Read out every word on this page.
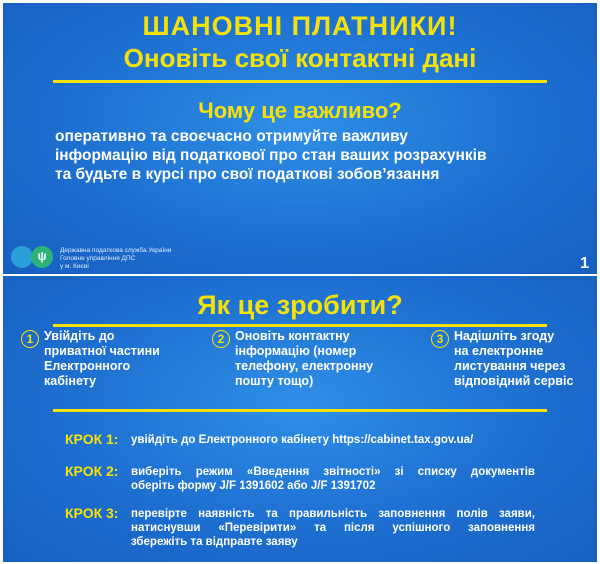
ШАНОВНІ ПЛАТНИКИ!
Оновіть свої контактні дані
Чому це важливо?
оперативно та своєчасно отримуйте важливу
інформацію від податкової про стан ваших розрахунків
та будьте в курсі про свої податкові зобов’язання
ψ	Державна податкова служба України
Головне управління ДПС
у м. Києві	1
Як це зробити?
1 Увійдіть до
приватної частини
Електронного
кабінету
2 Оновіть контактну
інформацію (номер
телефону, електронну
пошту тощо)
3 Надішліть згоду
на електронне
листування через
відповідний сервіс
КРОК 1: увійдіть до Електронного кабінету https://cabinet.tax.gov.ua/
КРОК 2: виберіть режим «Введення звітності» зі списку документів
оберіть форму J/F 1391602 або J/F 1391702
КРОК 3: перевірте наявність та правильність заповнення полів заяви,
натиснувши «Перевірити» та після успішного заповнення
збережіть та відправте заяву
